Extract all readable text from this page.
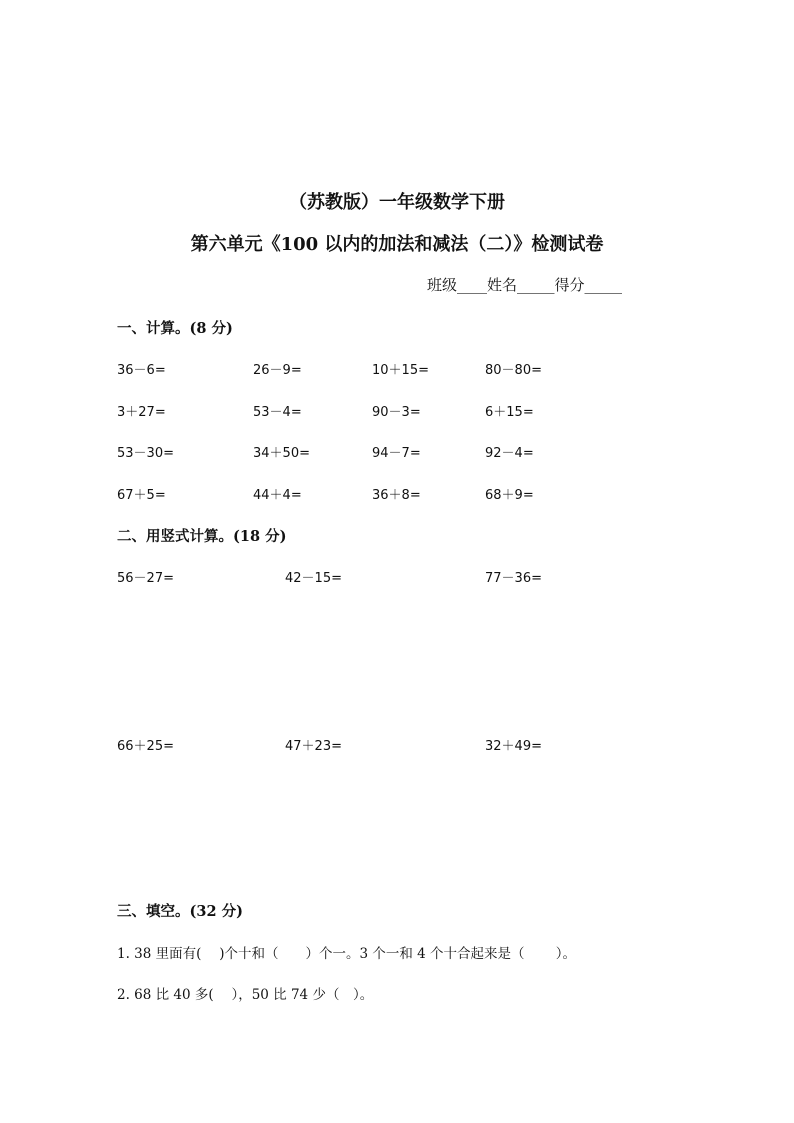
（苏教版）一年级数学下册
第六单元《100 以内的加法和减法（二）》检测试卷
班级____姓名_____得分_____
一、计算。(8 分)
36－6=	26－9=	10＋15=	80－80=
3＋27=	53－4=	90－3=	6＋15=
53－30=	34＋50=	94－7=	92－4=
67＋5=	44＋4=	36＋8=	68＋9=
二、用竖式计算。(18 分)
56－27=	42－15=	77－36=
66＋25=	47＋23=	32＋49=
三、填空。(32 分)
1. 38 里面有(　 )个十和（　　）个一。3 个一和 4 个十合起来是（　　 ）。
2. 68 比 40 多(　 ），50 比 74 少（　）。
